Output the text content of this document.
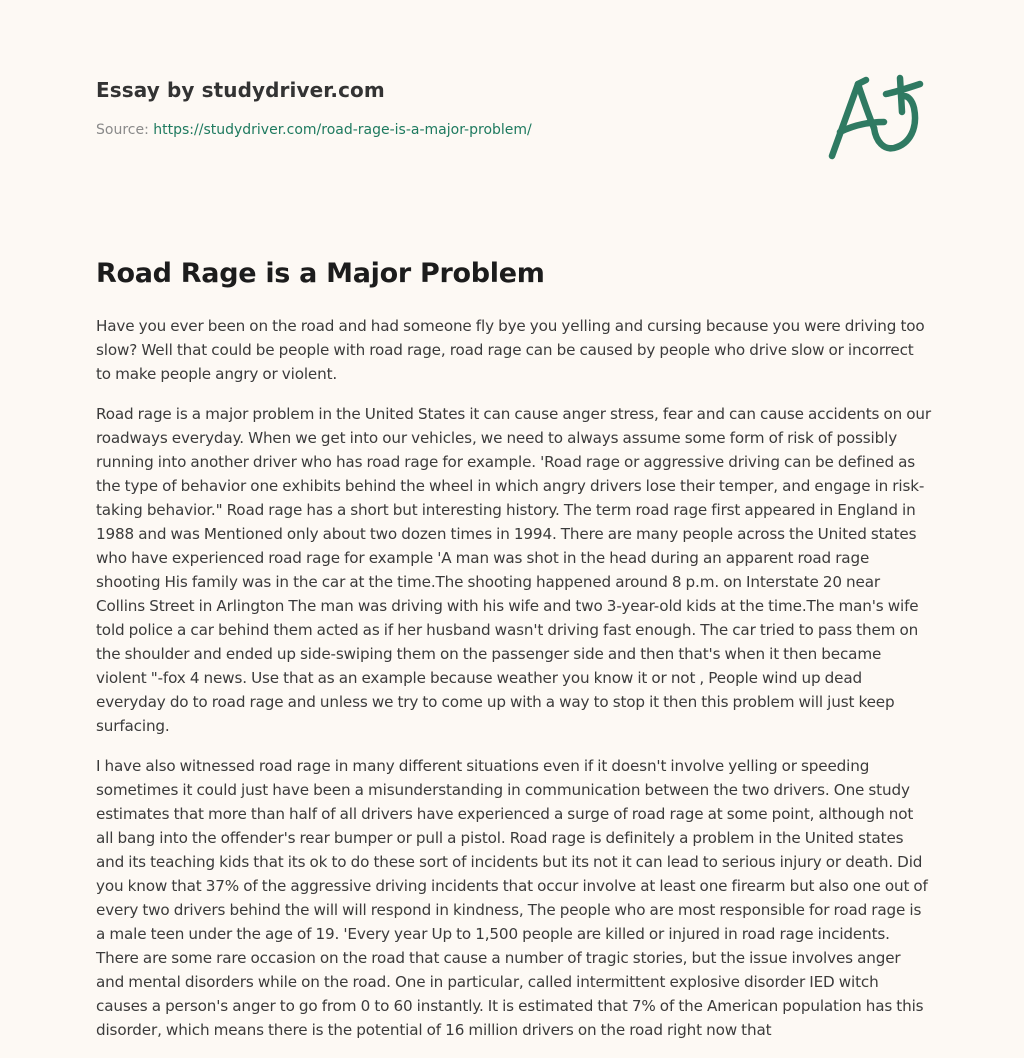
Essay by studydriver.com
Source: https://studydriver.com/road-rage-is-a-major-problem/
Road Rage is a Major Problem

Have you ever been on the road and had someone fly bye you yelling and cursing because you were driving too slow? Well that could be people with road rage, road rage can be caused by people who drive slow or incorrect to make people angry or violent.

Road rage is a major problem in the United States it can cause anger stress, fear and can cause accidents on our roadways everyday. When we get into our vehicles, we need to always assume some form of risk of possibly running into another driver who has road rage for example. 'Road rage or aggressive driving can be defined as the type of behavior one exhibits behind the wheel in which angry drivers lose their temper, and engage in risk-taking behavior." Road rage has a short but interesting history. The term road rage first appeared in England in 1988 and was Mentioned only about two dozen times in 1994. There are many people across the United states who have experienced road rage for example 'A man was shot in the head during an apparent road rage shooting His family was in the car at the time.The shooting happened around 8 p.m. on Interstate 20 near Collins Street in Arlington The man was driving with his wife and two 3-year-old kids at the time.The man's wife told police a car behind them acted as if her husband wasn't driving fast enough. The car tried to pass them on the shoulder and ended up side-swiping them on the passenger side and then that's when it then became violent "-fox 4 news. Use that as an example because weather you know it or not , People wind up dead everyday do to road rage and unless we try to come up with a way to stop it then this problem will just keep surfacing.

I have also witnessed road rage in many different situations even if it doesn't involve yelling or speeding sometimes it could just have been a misunderstanding in communication between the two drivers. One study estimates that more than half of all drivers have experienced a surge of road rage at some point, although not all bang into the offender's rear bumper or pull a pistol. Road rage is definitely a problem in the United states and its teaching kids that its ok to do these sort of incidents but its not it can lead to serious injury or death. Did you know that 37% of the aggressive driving incidents that occur involve at least one firearm but also one out of every two drivers behind the will will respond in kindness, The people who are most responsible for road rage is a male teen under the age of 19. 'Every year Up to 1,500 people are killed or injured in road rage incidents. There are some rare occasion on the road that cause a number of tragic stories, but the issue involves anger and mental disorders while on the road. One in particular, called intermittent explosive disorder IED witch causes a person's anger to go from 0 to 60 instantly. It is estimated that 7% of the American population has this disorder, which means there is the potential of 16 million drivers on the road right now that
